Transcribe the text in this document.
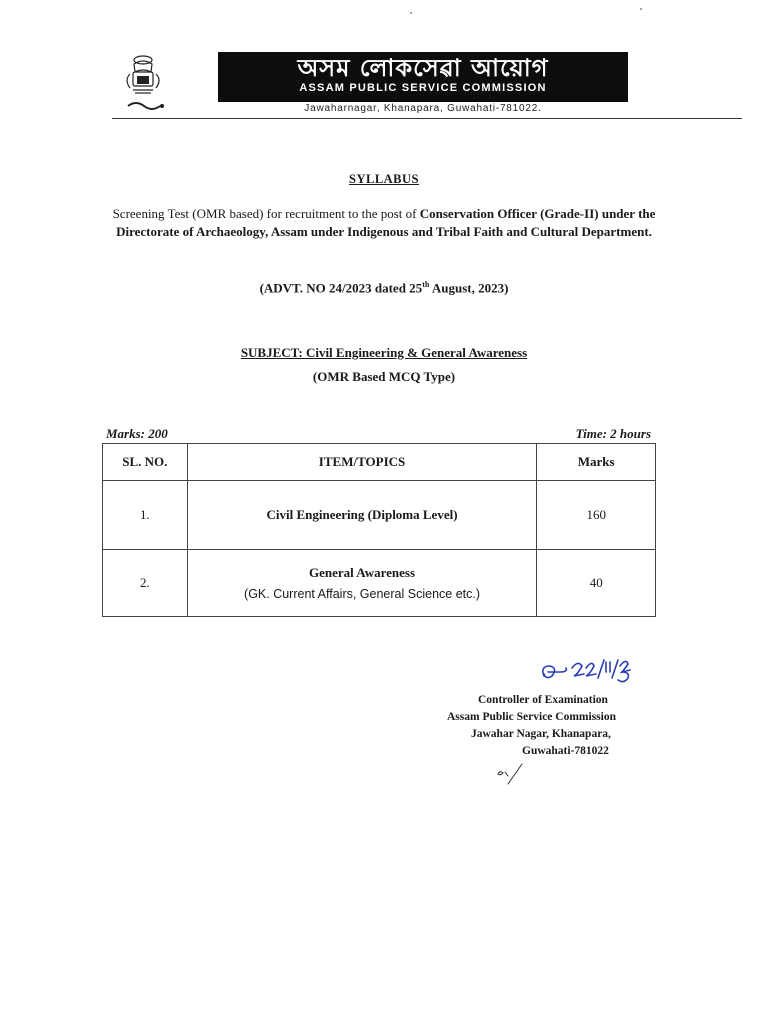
অসম লোকসেৱা আয়োগ
ASSAM PUBLIC SERVICE COMMISSION
Jawaharnagar, Khanapara, Guwahati-781022.
SYLLABUS
Screening Test (OMR based) for recruitment to the post of Conservation Officer (Grade-II) under the Directorate of Archaeology, Assam under Indigenous and Tribal Faith and Cultural Department.
(ADVT. NO 24/2023 dated 25th August, 2023)
SUBJECT: Civil Engineering & General Awareness
(OMR Based MCQ Type)
Marks: 200	Time: 2 hours
SL. NO.	ITEM/TOPICS	Marks
1.	Civil Engineering (Diploma Level)	160
2.	General Awareness
(GK. Current Affairs, General Science etc.)	40
Controller of Examination
Assam Public Service Commission
Jawahar Nagar, Khanapara,
Guwahati-781022
